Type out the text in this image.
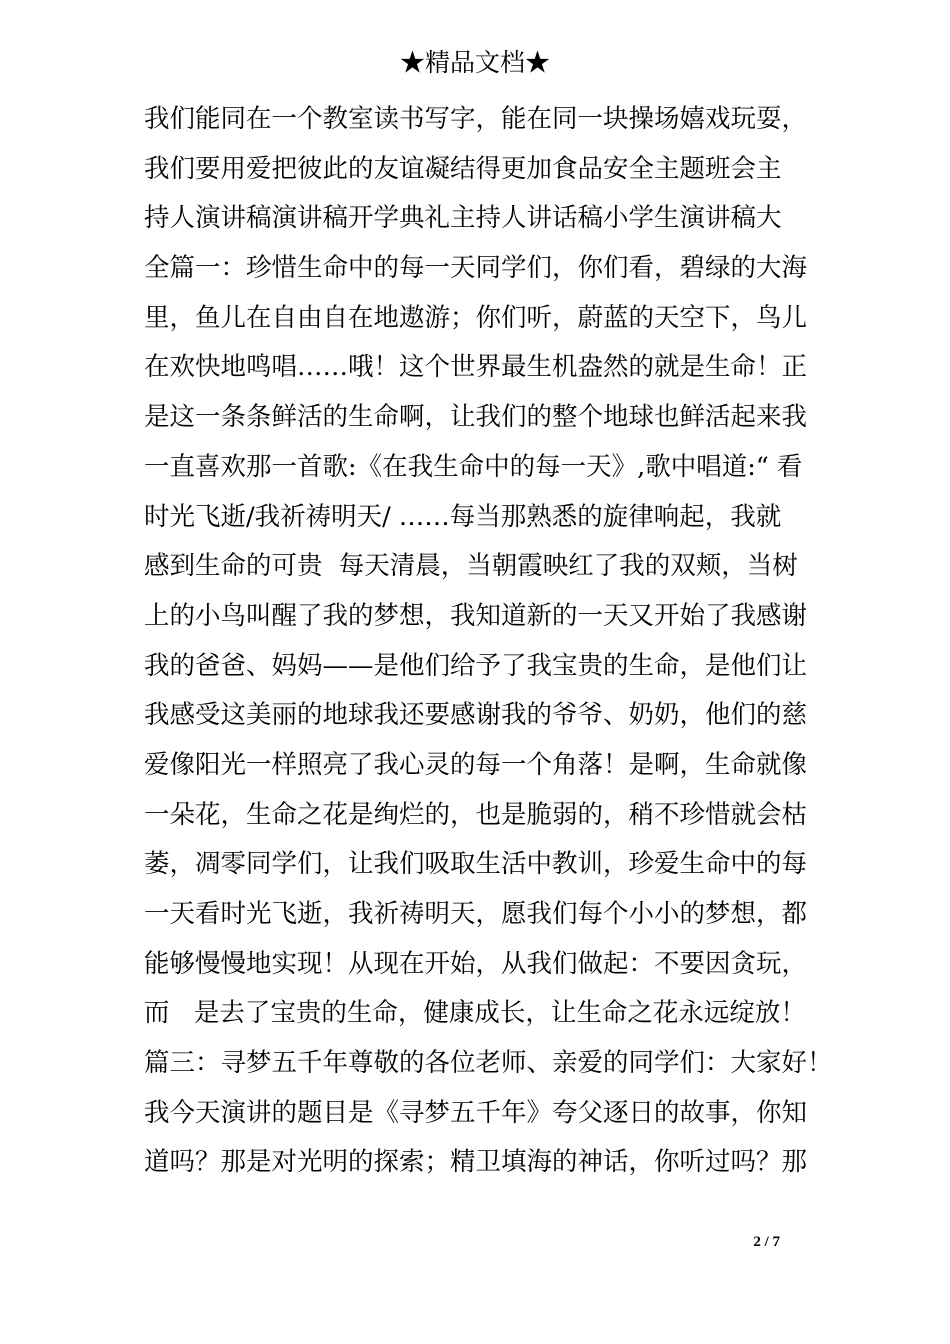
★精品文档★
我们能同在一个教室读书写字，能在同一块操场嬉戏玩耍，
我们要用爱把彼此的友谊凝结得更加食品安全主题班会主
持人演讲稿演讲稿开学典礼主持人讲话稿小学生演讲稿大
全篇一：珍惜生命中的每一天同学们，你们看，碧绿的大海
里，鱼儿在自由自在地遨游；你们听，蔚蓝的天空下，鸟儿
在欢快地鸣唱……哦！这个世界最生机盎然的就是生命！正
是这一条条鲜活的生命啊，让我们的整个地球也鲜活起来我
一直喜欢那一首歌:《在我生命中的每一天》,歌中唱道:“ 看
时光飞逝/我祈祷明天/ ……每当那熟悉的旋律响起，我就
感到生命的可贵  每天清晨，当朝霞映红了我的双颊，当树
上的小鸟叫醒了我的梦想，我知道新的一天又开始了我感谢
我的爸爸、妈妈——是他们给予了我宝贵的生命，是他们让
我感受这美丽的地球我还要感谢我的爷爷、奶奶，他们的慈
爱像阳光一样照亮了我心灵的每一个角落！是啊，生命就像
一朵花，生命之花是绚烂的，也是脆弱的，稍不珍惜就会枯
萎，凋零同学们，让我们吸取生活中教训，珍爱生命中的每
一天看时光飞逝，我祈祷明天，愿我们每个小小的梦想，都
能够慢慢地实现！从现在开始，从我们做起：不要因贪玩，
而   是去了宝贵的生命，健康成长，让生命之花永远绽放！
篇三：寻梦五千年尊敬的各位老师、亲爱的同学们：大家好！
我今天演讲的题目是《寻梦五千年》夸父逐日的故事，你知
道吗？那是对光明的探索；精卫填海的神话，你听过吗？那
2 / 7
